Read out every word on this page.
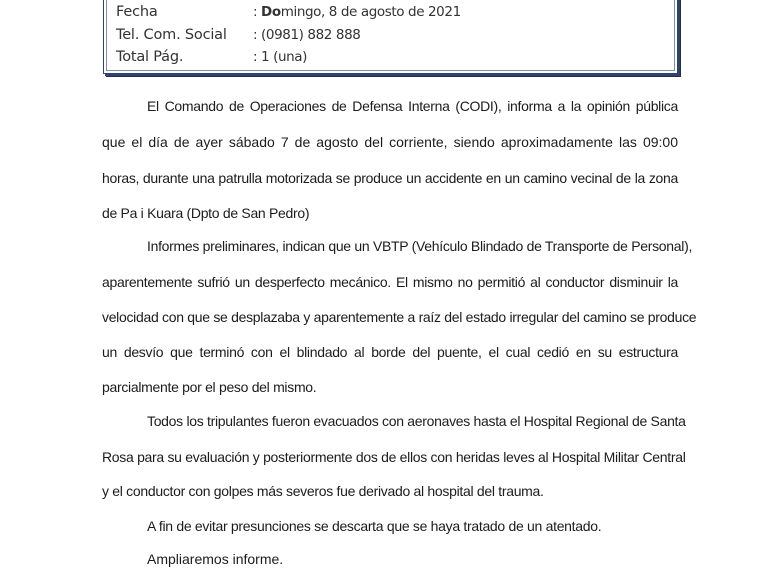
Fecha	: Domingo, 8 de agosto de 2021
Tel. Com. Social : (0981) 882 888
Total Pág.	: 1 (una)
El Comando de Operaciones de Defensa Interna (CODI), informa a la opinión pública
que el día de ayer sábado 7 de agosto del corriente, siendo aproximadamente las 09:00
horas, durante una patrulla motorizada se produce un accidente en un camino vecinal de la zona
de Pa i Kuara (Dpto de San Pedro)
Informes preliminares, indican que un VBTP (Vehículo Blindado de Transporte de Personal),
aparentemente sufrió un desperfecto mecánico. El mismo no permitió al conductor disminuir la
velocidad con que se desplazaba y aparentemente a raíz del estado irregular del camino se produce
un desvío que terminó con el blindado al borde del puente, el cual cedió en su estructura
parcialmente por el peso del mismo.
Todos los tripulantes fueron evacuados con aeronaves hasta el Hospital Regional de Santa
Rosa para su evaluación y posteriormente dos de ellos con heridas leves al Hospital Militar Central
y el conductor con golpes más severos fue derivado al hospital del trauma.
A fin de evitar presunciones se descarta que se haya tratado de un atentado.
Ampliaremos informe.
